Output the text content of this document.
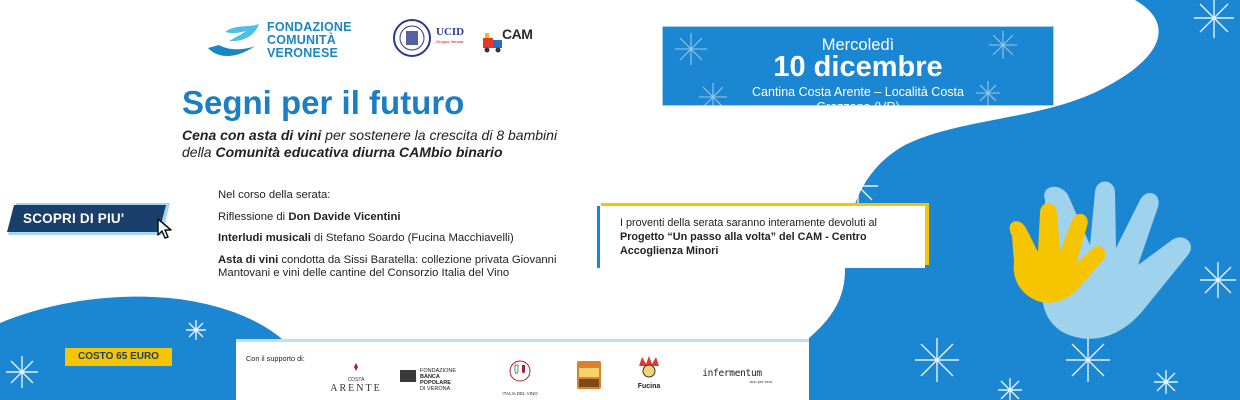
FONDAZIONE
COMUNITÀ
VERONESE
UCID
Gruppo Verona	CAM
Segni per il futuro
Cena con asta di vini per sostenere la crescita di 8 bambini
della Comunità educativa diurna CAMbio binario
Mercoledì
10 dicembre
Cantina Costa Arente – Località Costa
Grezzana (VR)
SCOPRI DI PIU'
Nel corso della serata:
Riflessione di Don Davide Vicentini
Interludi musicali di Stefano Soardo (Fucina Macchiavelli)
Asta di vini condotta da Sissi Baratella: collezione privata Giovanni Mantovani e vini delle cantine del Consorzio Italia del Vino
I proventi della serata saranno interamente devoluti al Progetto “Un passo alla volta” del CAM - Centro Accoglienza Minori
COSTO 65 EURO	Con il supporto di:
COSTA
ARENTE
FONDAZIONE
BANCA POPOLARE
DI VERONA
ITALIA DEL VINO
Fucina
infermentum
vino per vino
